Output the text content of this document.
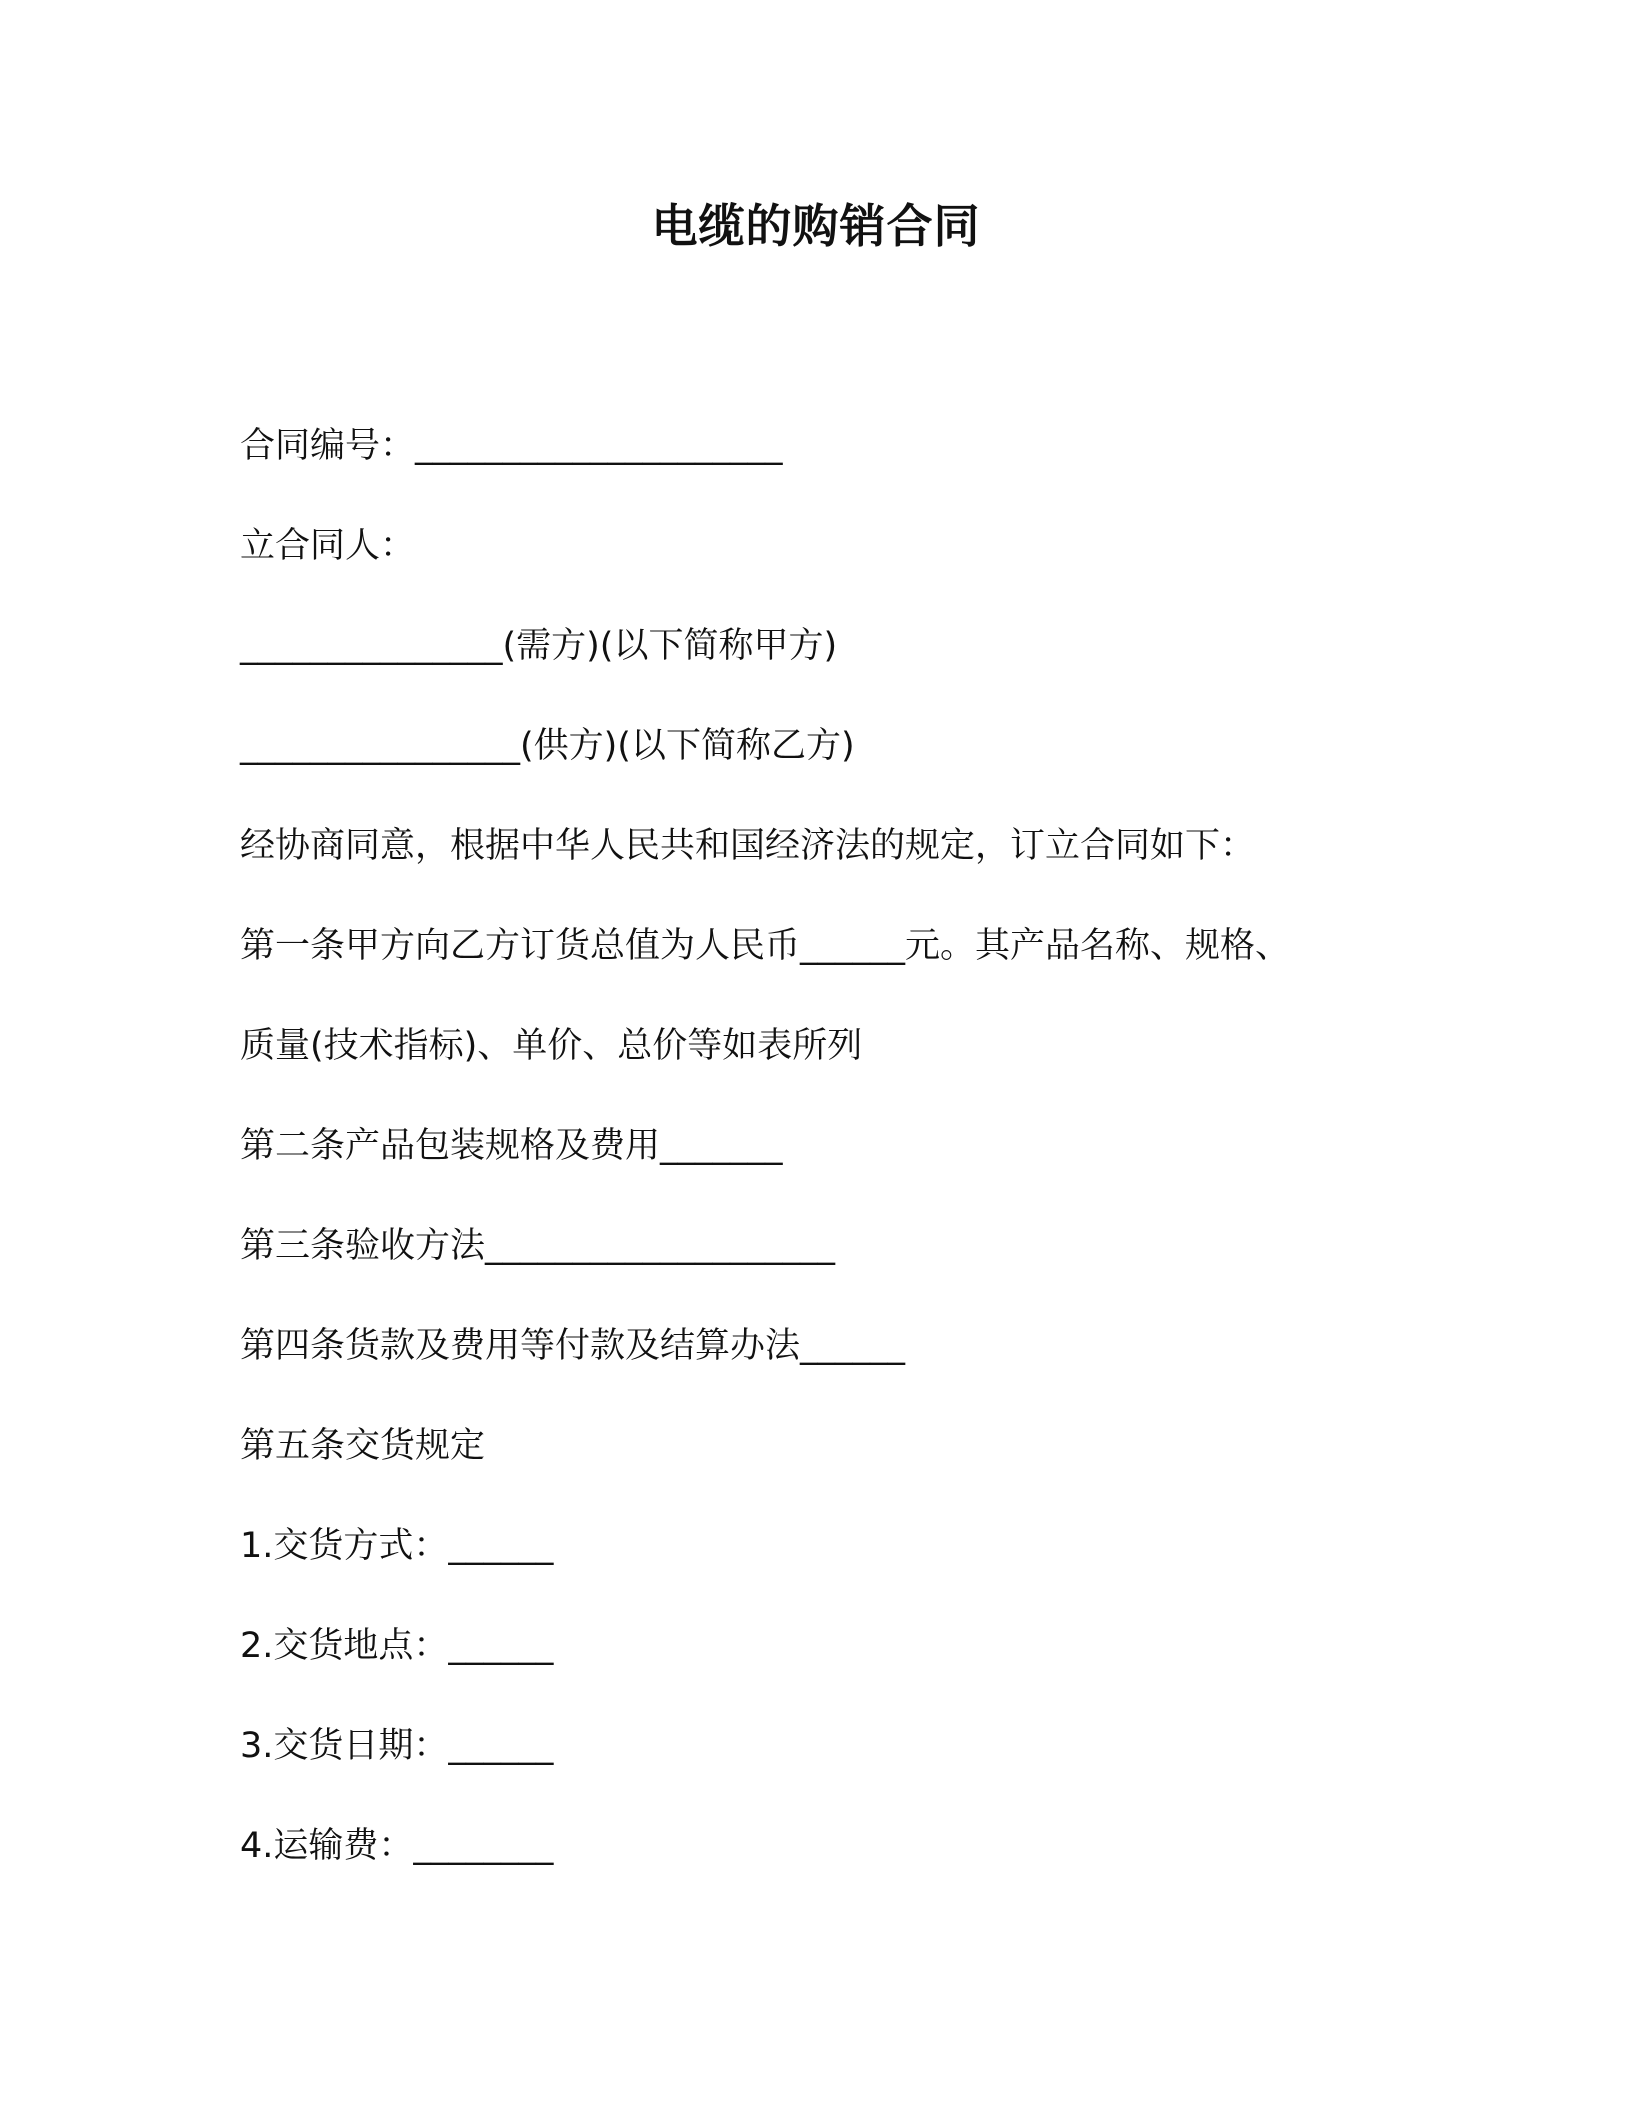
电缆的购销合同

合同编号：_____________________

立合同人：

_______________(需方)(以下简称甲方)

________________(供方)(以下简称乙方)

经协商同意，根据中华人民共和国经济法的规定，订立合同如下：

第一条甲方向乙方订货总值为人民币______元。其产品名称、规格、

质量(技术指标)、单价、总价等如表所列

第二条产品包装规格及费用_______

第三条验收方法____________________

第四条货款及费用等付款及结算办法______

第五条交货规定

1.交货方式：______

2.交货地点：______

3.交货日期：______

4.运输费：________
